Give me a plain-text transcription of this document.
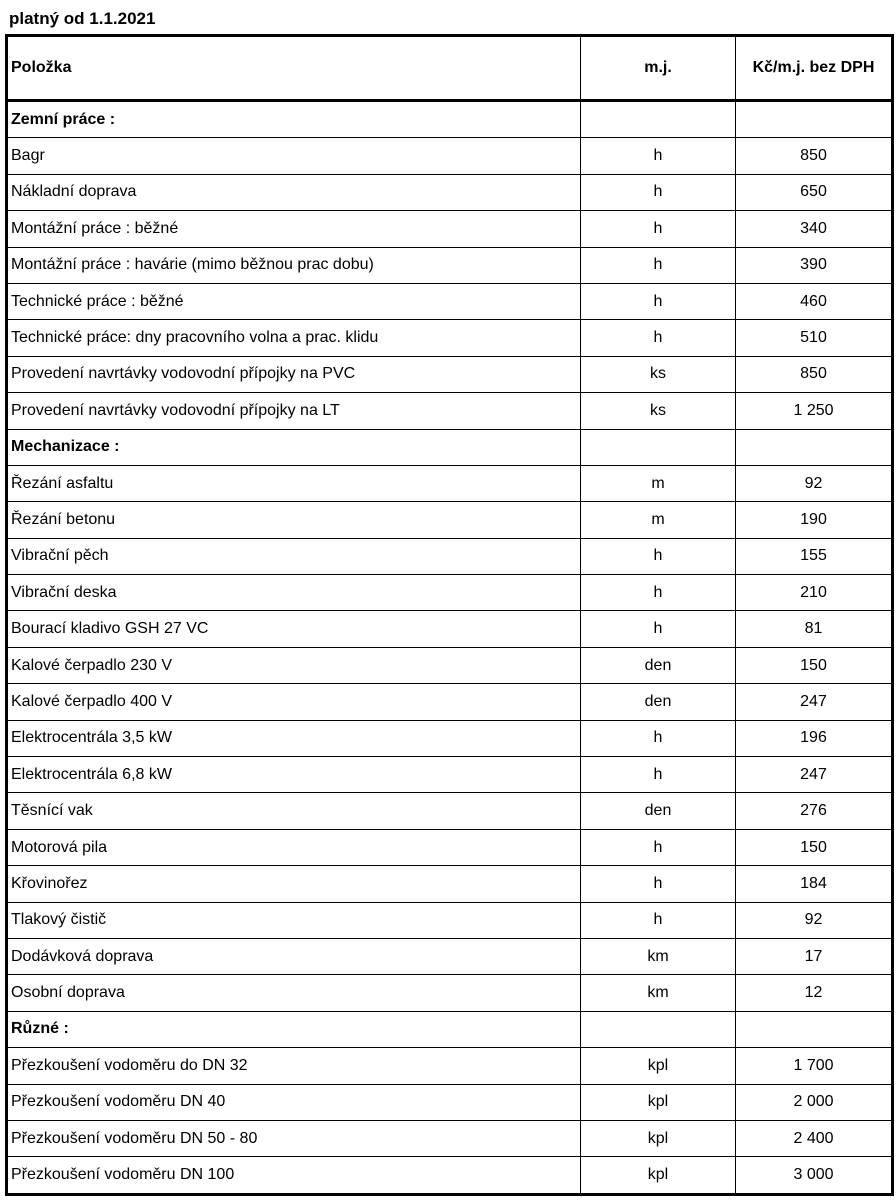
platný od 1.1.2021
Položka	m.j.	Kč/m.j. bez DPH
Zemní práce :		
Bagr	h	850
Nákladní doprava	h	650
Montážní práce : běžné	h	340
Montážní práce : havárie (mimo běžnou prac dobu)	h	390
Technické práce : běžné	h	460
Technické práce: dny pracovního volna a prac. klidu	h	510
Provedení navrtávky vodovodní přípojky na PVC	ks	850
Provedení navrtávky vodovodní přípojky na LT	ks	1 250
Mechanizace :		
Řezání asfaltu	m	92
Řezání betonu	m	190
Vibrační pěch	h	155
Vibrační deska	h	210
Bourací kladivo GSH 27 VC	h	81
Kalové čerpadlo 230 V	den	150
Kalové čerpadlo 400 V	den	247
Elektrocentrála 3,5 kW	h	196
Elektrocentrála 6,8 kW	h	247
Těsnící vak	den	276
Motorová pila	h	150
Křovinořez	h	184
Tlakový čistič	h	92
Dodávková doprava	km	17
Osobní doprava	km	12
Různé :		
Přezkoušení vodoměru do DN 32	kpl	1 700
Přezkoušení vodoměru DN 40	kpl	2 000
Přezkoušení vodoměru DN 50 - 80	kpl	2 400
Přezkoušení vodoměru DN 100	kpl	3 000
